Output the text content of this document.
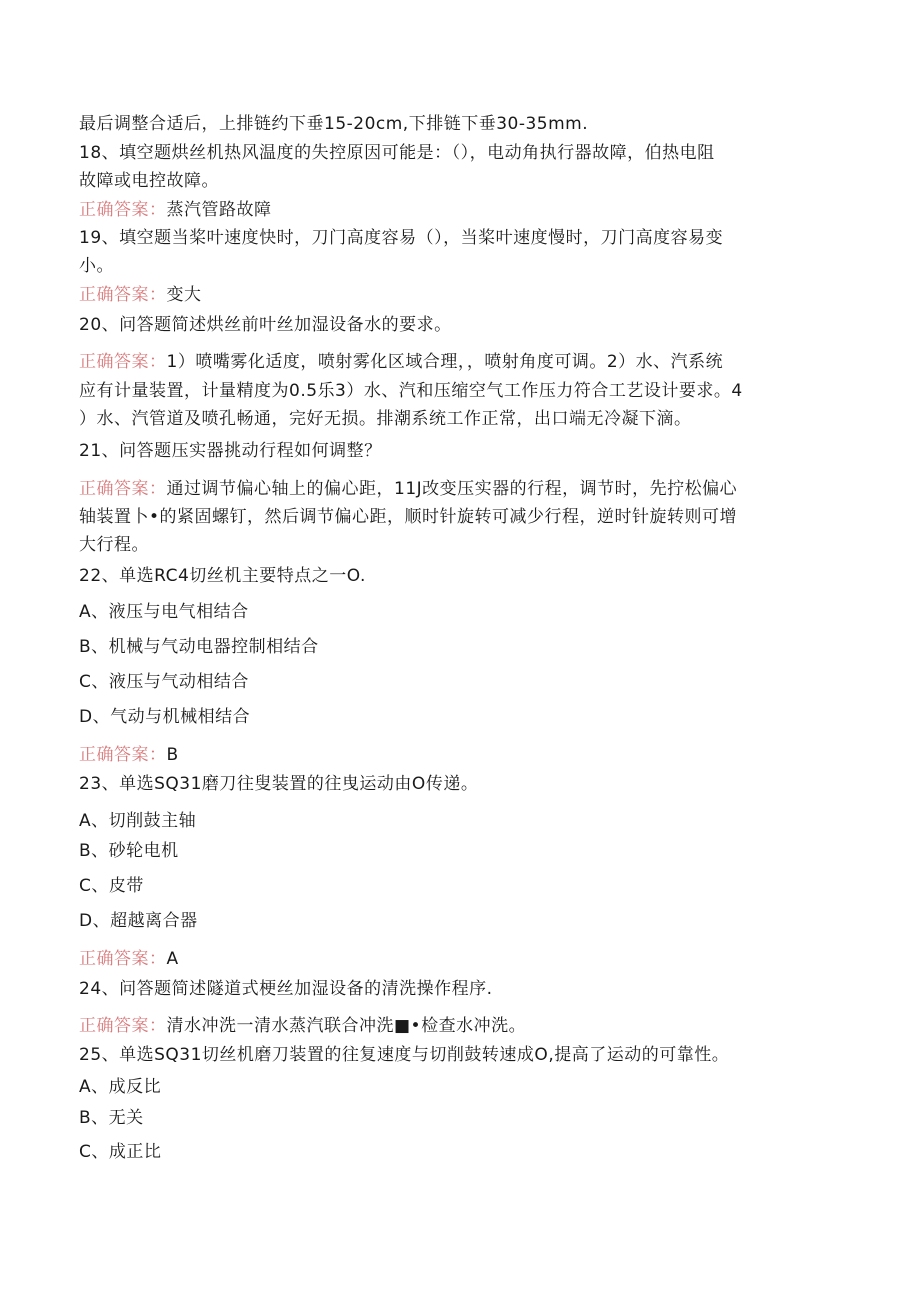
最后调整合适后，上排链约下垂15-20cm,下排链下垂30-35mm.
18、填空题烘丝机热风温度的失控原因可能是：（），电动角执行器故障，伯热电阻
故障或电控故障。
正确答案：蒸汽管路故障
19、填空题当桨叶速度快时，刀门高度容易（），当桨叶速度慢时，刀门高度容易变
小。
正确答案：变大
20、问答题简述烘丝前叶丝加湿设备水的要求。
正确答案：1）喷嘴雾化适度，喷射雾化区域合理，，喷射角度可调。2）水、汽系统
应有计量装置，计量精度为0.5乐3）水、汽和压缩空气工作压力符合工艺设计要求。4
）水、汽管道及喷孔畅通，完好无损。排潮系统工作正常，出口端无冷凝下滴。
21、问答题压实器挑动行程如何调整？
正确答案：通过调节偏心轴上的偏心距，11J改变压实器的行程，调节时，先拧松偏心
轴装置卜•的紧固螺钉，然后调节偏心距，顺时针旋转可减少行程，逆时针旋转则可增
大行程。
22、单选RC4切丝机主要特点之一O.
A、液压与电气相结合
B、机械与气动电器控制相结合
C、液压与气动相结合
D、气动与机械相结合
正确答案：B
23、单选SQ31磨刀往叟装置的往曳运动由O传递。
A、切削鼓主轴
B、砂轮电机
C、皮带
D、超越离合器
正确答案：A
24、问答题简述隧道式梗丝加湿设备的清洗操作程序.
正确答案：清水冲洗一清水蒸汽联合冲洗■•检查水冲洗。
25、单选SQ31切丝机磨刀装置的往复速度与切削鼓转速成O,提高了运动的可靠性。
A、成反比
B、无关
C、成正比
